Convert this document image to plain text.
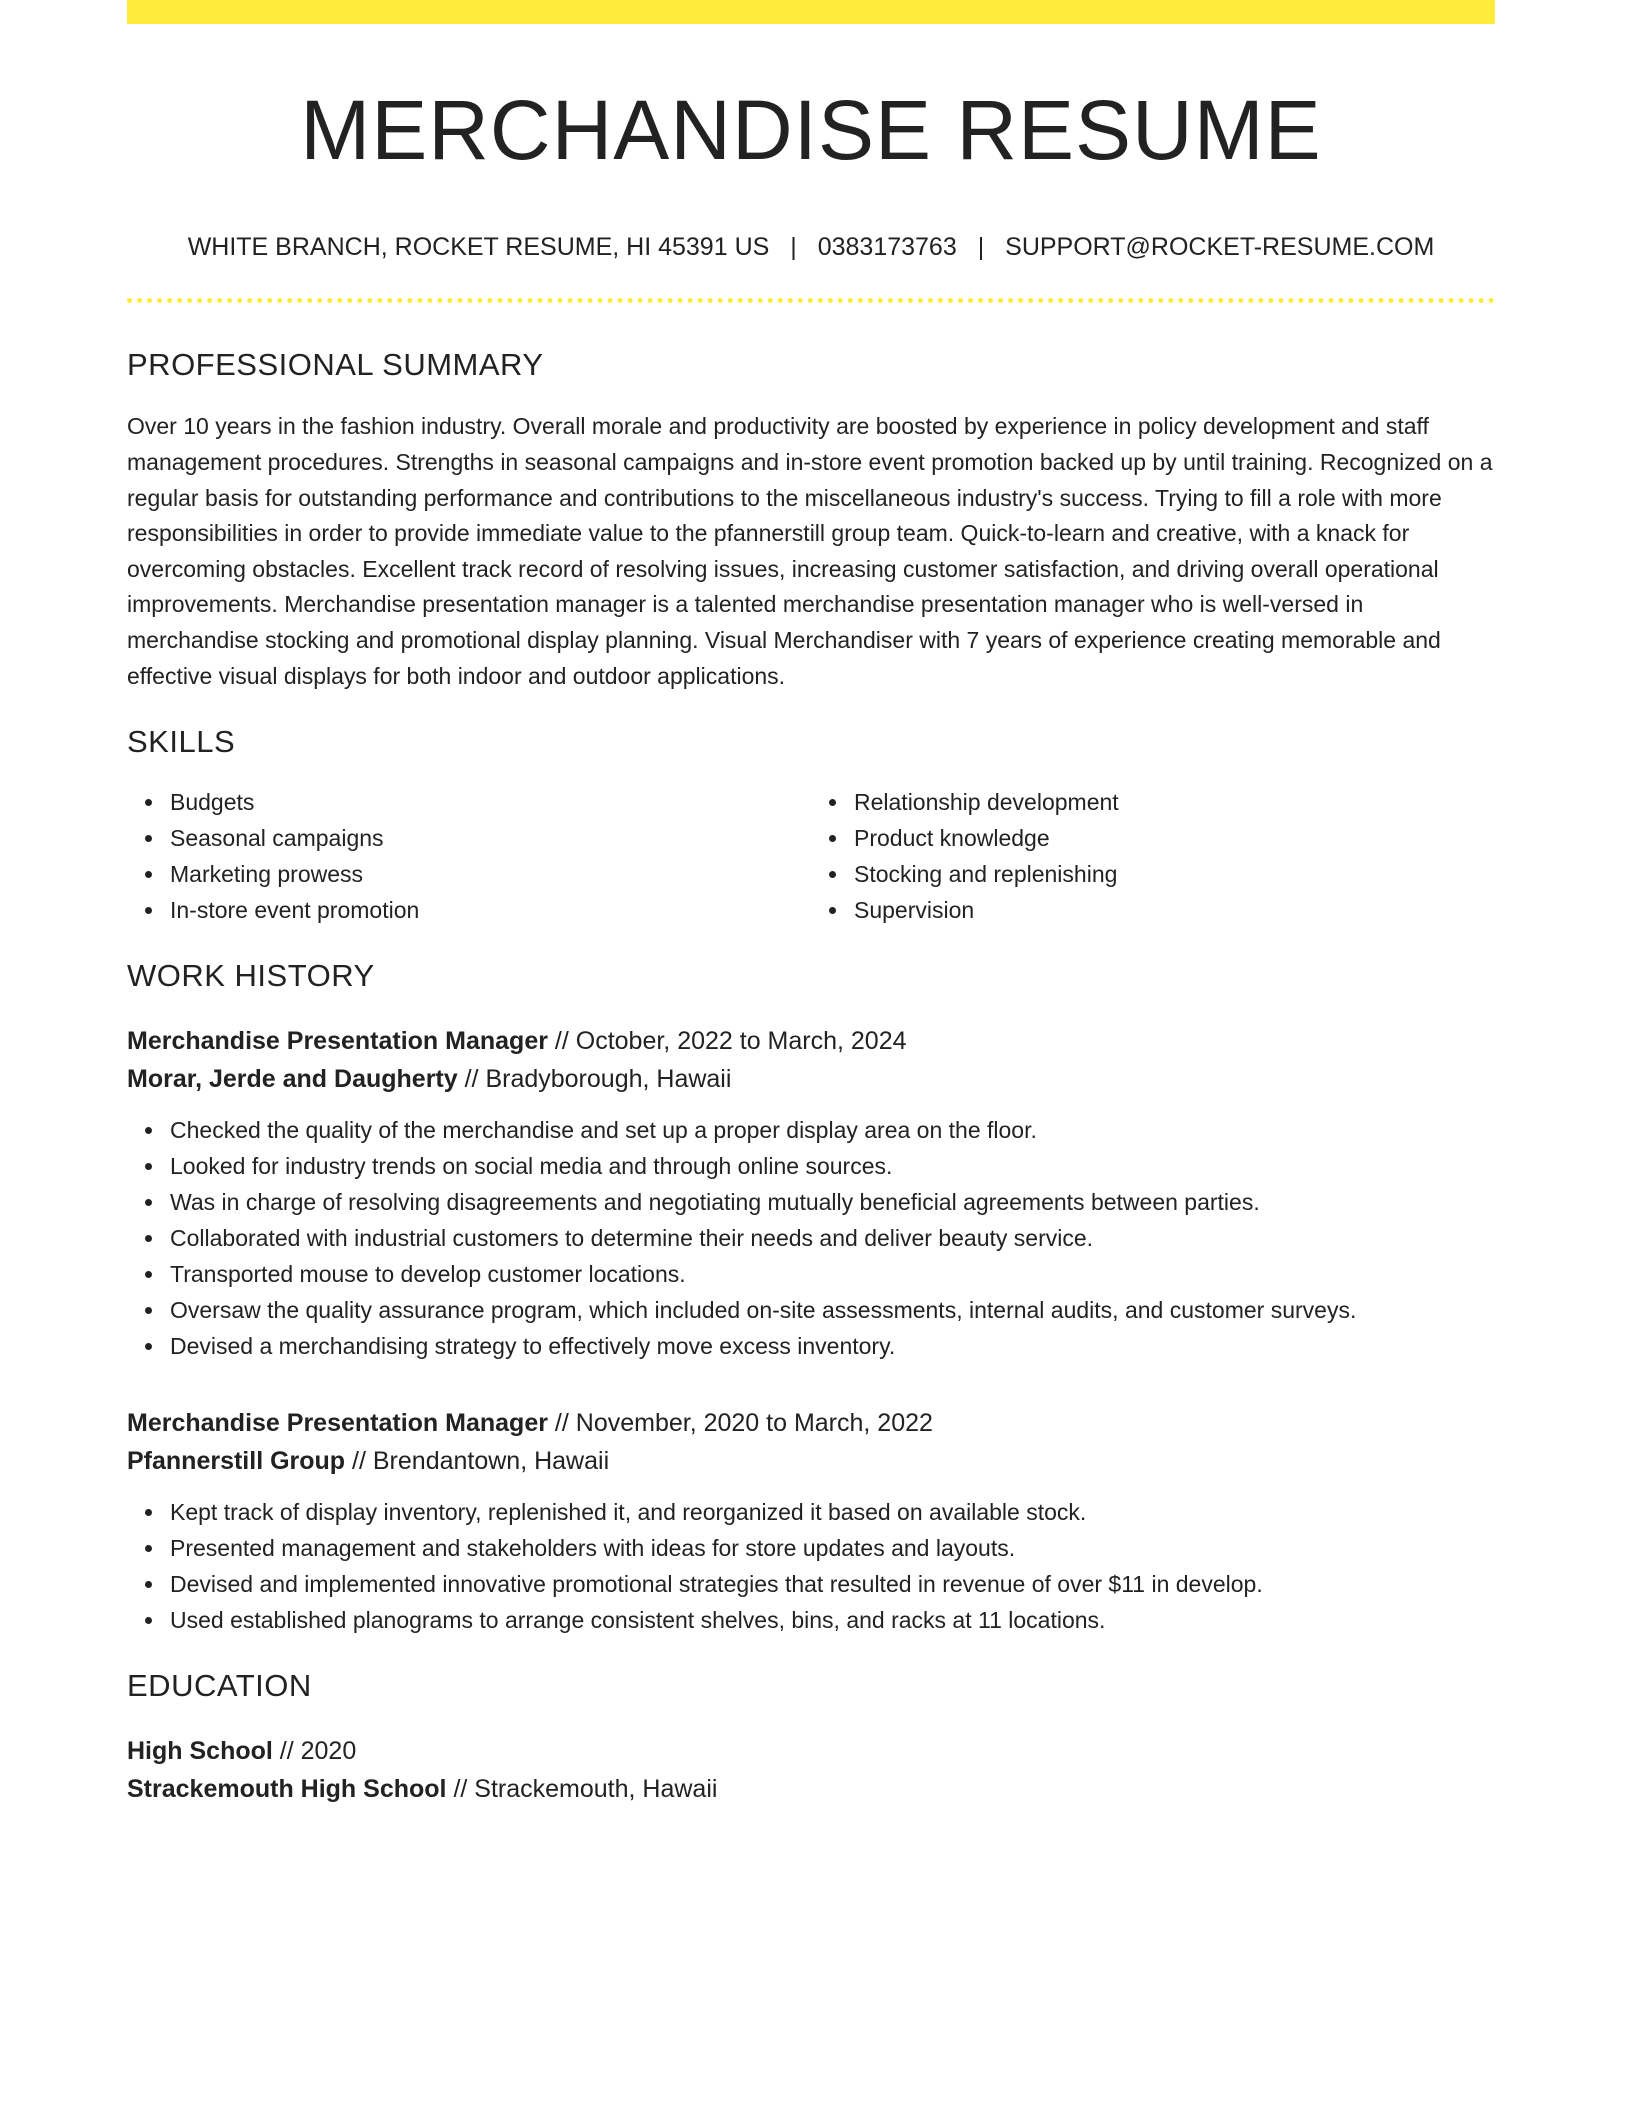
MERCHANDISE RESUME
WHITE BRANCH, ROCKET RESUME, HI 45391 US | 0383173763 | SUPPORT@ROCKET-RESUME.COM
PROFESSIONAL SUMMARY

Over 10 years in the fashion industry. Overall morale and productivity are boosted by experience in policy development and staff management procedures. Strengths in seasonal campaigns and in-store event promotion backed up by until training. Recognized on a regular basis for outstanding performance and contributions to the miscellaneous industry's success. Trying to fill a role with more responsibilities in order to provide immediate value to the pfannerstill group team. Quick-to-learn and creative, with a knack for overcoming obstacles. Excellent track record of resolving issues, increasing customer satisfaction, and driving overall operational improvements. Merchandise presentation manager is a talented merchandise presentation manager who is well-versed in merchandise stocking and promotional display planning. Visual Merchandiser with 7 years of experience creating memorable and effective visual displays for both indoor and outdoor applications.

SKILLS
Budgets
Seasonal campaigns
Marketing prowess
In-store event promotion
Relationship development
Product knowledge
Stocking and replenishing
Supervision
WORK HISTORY
Merchandise Presentation Manager // October, 2022 to March, 2024
Morar, Jerde and Daugherty // Bradyborough, Hawaii
Checked the quality of the merchandise and set up a proper display area on the floor.
Looked for industry trends on social media and through online sources.
Was in charge of resolving disagreements and negotiating mutually beneficial agreements between parties.
Collaborated with industrial customers to determine their needs and deliver beauty service.
Transported mouse to develop customer locations.
Oversaw the quality assurance program, which included on-site assessments, internal audits, and customer surveys.
Devised a merchandising strategy to effectively move excess inventory.
Merchandise Presentation Manager // November, 2020 to March, 2022
Pfannerstill Group // Brendantown, Hawaii
Kept track of display inventory, replenished it, and reorganized it based on available stock.
Presented management and stakeholders with ideas for store updates and layouts.
Devised and implemented innovative promotional strategies that resulted in revenue of over $11 in develop.
Used established planograms to arrange consistent shelves, bins, and racks at 11 locations.
EDUCATION
High School // 2020
Strackemouth High School // Strackemouth, Hawaii
